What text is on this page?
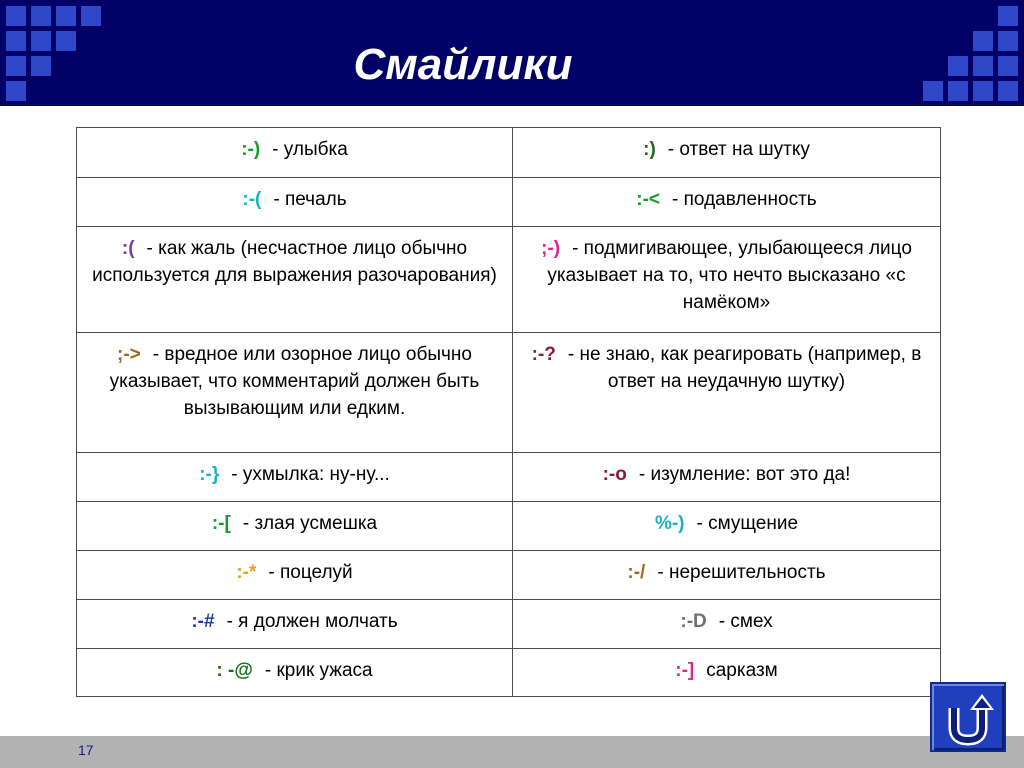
Смайлики
:-) - улыбка	:) - ответ на шутку
:-( - печаль	:-< - подавленность
:( - как жаль (несчастное лицо обычно используется для выражения разочарования)	;-) - подмигивающее, улыбающееся лицо указывает на то, что нечто высказано «с намёком»
;-> - вредное или озорное лицо обычно указывает, что комментарий должен быть вызывающим или едким.	:-? - не знаю, как реагировать (например, в ответ на неудачную шутку)
:-} - ухмылка: ну-ну...	:-o - изумление: вот это да!
:-[ - злая усмешка	%-) - смущение
:-* - поцелуй	:-/ - нерешительность
:-# - я должен молчать	:-D - смех
: -@ - крик ужаса	:-] сарказм
17
